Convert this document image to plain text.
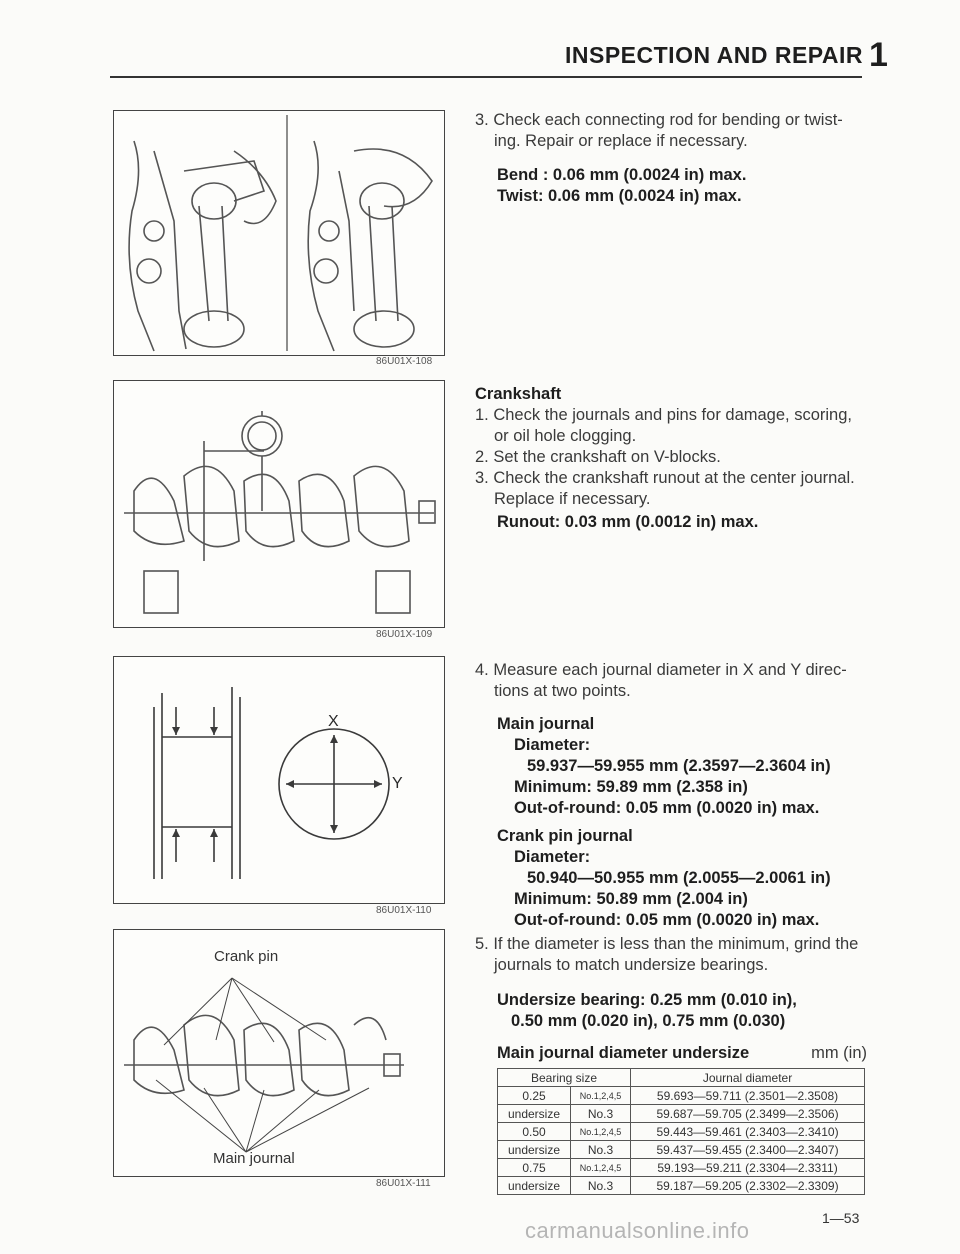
INSPECTION AND REPAIR 1
86U01X-108
86U01X-109
X
Y
86U01X-110
Crank pin
Main journal
86U01X-111
3. Check each connecting rod for bending or twist-
ing. Repair or replace if necessary.
Bend : 0.06 mm (0.0024 in) max.
Twist: 0.06 mm (0.0024 in) max.
Crankshaft
1. Check the journals and pins for damage, scoring,
or oil hole clogging.
2. Set the crankshaft on V-blocks.
3. Check the crankshaft runout at the center journal.
Replace if necessary.
Runout: 0.03 mm (0.0012 in) max.
4. Measure each journal diameter in X and Y direc-
tions at two points.
Main journal
Diameter:
59.937—59.955 mm (2.3597—2.3604 in)
Minimum: 59.89 mm (2.358 in)
Out-of-round: 0.05 mm (0.0020 in) max.
Crank pin journal
Diameter:
50.940—50.955 mm (2.0055—2.0061 in)
Minimum: 50.89 mm (2.004 in)
Out-of-round: 0.05 mm (0.0020 in) max.
5. If the diameter is less than the minimum, grind the
journals to match undersize bearings.
Undersize bearing: 0.25 mm (0.010 in),
0.50 mm (0.020 in), 0.75 mm (0.030)
Main journal diameter undersize	mm (in)
Bearing size		Journal diameter
0.25	No.1,2,4,5	59.693—59.711 (2.3501—2.3508)
undersize	No.3	59.687—59.705 (2.3499—2.3506)
0.50	No.1,2,4,5	59.443—59.461 (2.3403—2.3410)
undersize	No.3	59.437—59.455 (2.3400—2.3407)
0.75	No.1,2,4,5	59.193—59.211 (2.3304—2.3311)
undersize	No.3	59.187—59.205 (2.3302—2.3309)
1—53
carmanualsonline.info
